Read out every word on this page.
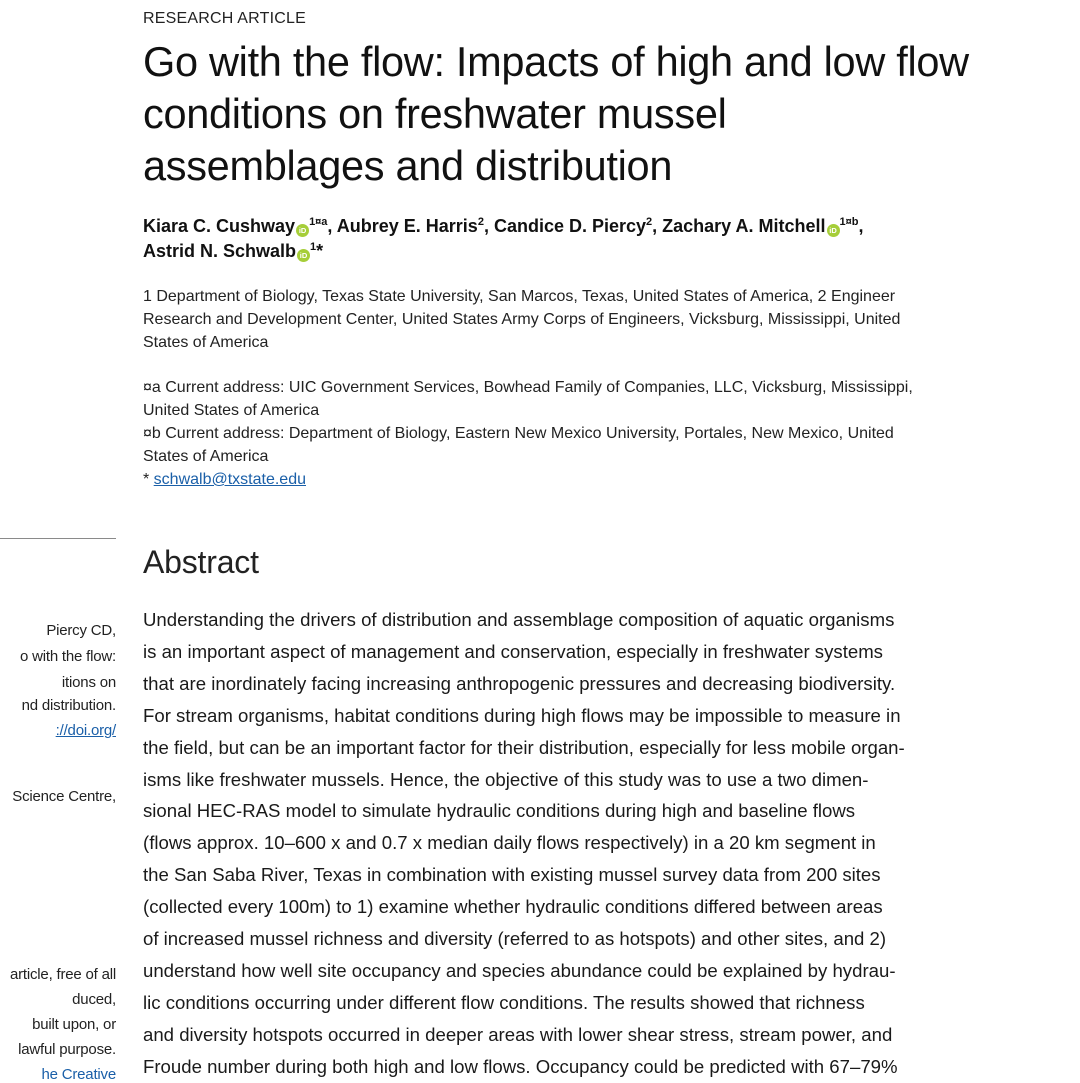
Piercy CD,
o with the flow:
itions on
nd distribution.
://doi.org/
Science Centre,
article, free of all
duced,
built upon, or
lawful purpose.
he Creative
RESEARCH ARTICLE
Go with the flow: Impacts of high and low flow
conditions on freshwater mussel
assemblages and distribution
Kiara C. Cushway $iD^{1¤a}$, Aubrey E. Harris$^2$, Candice D. Piercy$^2$, Zachary A. Mitchell $iD^{1¤b}$,
Astrid N. Schwalb $iD^1*$
1 Department of Biology, Texas State University, San Marcos, Texas, United States of America, 2 Engineer
Research and Development Center, United States Army Corps of Engineers, Vicksburg, Mississippi, United
States of America
¤a Current address: UIC Government Services, Bowhead Family of Companies, LLC, Vicksburg, Mississippi,
United States of America
¤b Current address: Department of Biology, Eastern New Mexico University, Portales, New Mexico, United
States of America
* schwalb@txstate.edu
Abstract
Understanding the drivers of distribution and assemblage composition of aquatic organisms
is an important aspect of management and conservation, especially in freshwater systems
that are inordinately facing increasing anthropogenic pressures and decreasing biodiversity.
For stream organisms, habitat conditions during high flows may be impossible to measure in
the field, but can be an important factor for their distribution, especially for less mobile organ-
isms like freshwater mussels. Hence, the objective of this study was to use a two dimen-
sional HEC-RAS model to simulate hydraulic conditions during high and baseline flows
(flows approx. 10–600 x and 0.7 x median daily flows respectively) in a 20 km segment in
the San Saba River, Texas in combination with existing mussel survey data from 200 sites
(collected every 100m) to 1) examine whether hydraulic conditions differed between areas
of increased mussel richness and diversity (referred to as hotspots) and other sites, and 2)
understand how well site occupancy and species abundance could be explained by hydrau-
lic conditions occurring under different flow conditions. The results showed that richness
and diversity hotspots occurred in deeper areas with lower shear stress, stream power, and
Froude number during both high and low flows. Occupancy could be predicted with 67–79%
